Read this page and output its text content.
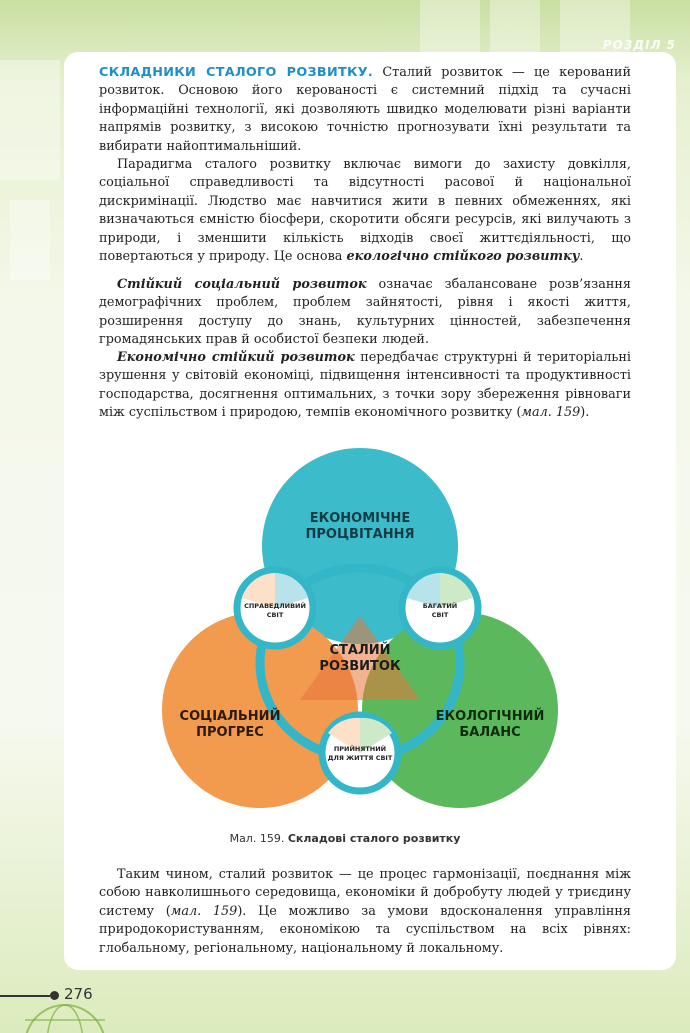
РОЗДІЛ 5

СКЛАДНИКИ СТАЛОГО РОЗВИТКУ. Сталий розвиток — це керований розвиток. Основою його керованості є системний підхід та сучасні інформаційні технології, які дозволяють швидко моделювати різні варіанти напрямів розвитку, з високою точністю прогнозувати їхні результати та вибирати найоптимальніший.

Парадигма сталого розвитку включає вимоги до захисту довкілля, соціальної справедливості та відсутності расової й національної дискримінації. Людство має навчитися жити в певних обмеженнях, які визначаються ємністю біосфери, скоротити обсяги ресурсів, які вилучають з природи, і зменшити кількість відходів своєї життєдіяльності, що повертаються у природу. Це основа екологічно стійкого розвитку.

Стійкий соціальний розвиток означає збалансоване розв’язання демографічних проблем, проблем зайнятості, рівня і якості життя, розширення доступу до знань, культурних цінностей, забезпечення громадянських прав й особистої безпеки людей.

Економічно стійкий розвиток передбачає структурні й територіальні зрушення у світовій економіці, підвищення інтенсивності та продуктивності господарства, досягнення оптимальних, з точки зору збереження рівноваги між суспільством і природою, темпів економічного розвитку (мал. 159).

ЕКОНОМІЧНЕ
ПРОЦВІТАННЯ
СОЦІАЛЬНИЙ
ПРОГРЕС
ЕКОЛОГІЧНИЙ
БАЛАНС
СТАЛИЙ
РОЗВИТОК
СПРАВЕДЛИВИЙ
СВІТ
БАГАТИЙ
СВІТ
ПРИЙНЯТНИЙ
ДЛЯ ЖИТТЯ СВІТ
Мал. 159. Складові сталого розвитку

Таким чином, сталий розвиток — це процес гармонізації, поєднання між собою навколишнього середовища, економіки й добробуту людей у триєдину систему (мал. 159). Це можливо за умови вдосконалення управління природокористуванням, економікою та суспільством на всіх рівнях: глобальному, регіональному, національному й локальному.

276
